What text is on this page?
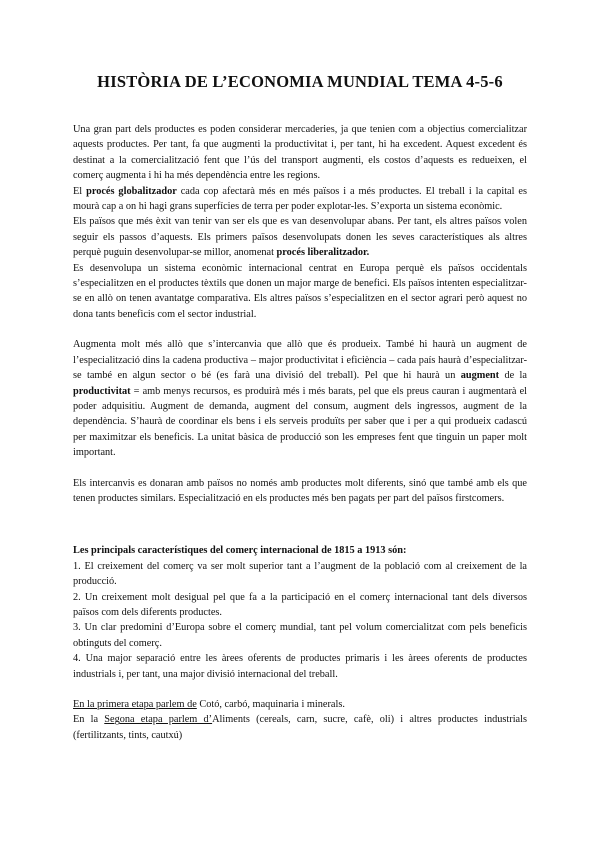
HISTÒRIA DE L’ECONOMIA MUNDIAL TEMA 4-5-6

Una gran part dels productes es poden considerar mercaderies, ja que tenien com a objectius comercialitzar aquests productes. Per tant, fa que augmenti la productivitat i, per tant, hi ha excedent. Aquest excedent és destinat a la comercialització fent que l’ús del transport augmenti, els costos d’aquests es redueixen, el comerç augmenta i hi ha més dependència entre les regions.

El procés globalitzador cada cop afectarà més en més països i a més productes. El treball i la capital es mourà cap a on hi hagi grans superfícies de terra per poder explotar-les. S’exporta un sistema econòmic.

Els països que més èxit van tenir van ser els que es van desenvolupar abans. Per tant, els altres països volen seguir els passos d’aquests. Els primers països desenvolupats donen les seves característiques als altres perquè puguin desenvolupar-se millor, anomenat procés liberalitzador.

Es desenvolupa un sistema econòmic internacional centrat en Europa perquè els països occidentals s’especialitzen en el productes tèxtils que donen un major marge de benefici. Els països intenten especialitzar-se en allò on tenen avantatge comparativa. Els altres països s’especialitzen en el sector agrari però aquest no dona tants beneficis com el sector industrial.

Augmenta molt més allò que s’intercanvia que allò que és produeix. També hi haurà un augment de l’especialització dins la cadena productiva – major productivitat i eficiència – cada país haurà d’especialitzar-se també en algun sector o bé (es farà una divisió del treball). Pel que hi haurà un augment de la productivitat = amb menys recursos, es produirà més i més barats, pel que els preus cauran i augmentarà el poder adquisitiu. Augment de demanda, augment del consum, augment dels ingressos, augment de la dependència. S’haurà de coordinar els bens i els serveis produïts per saber que i per a qui produeix cadascú per maximitzar els beneficis. La unitat bàsica de producció son les empreses fent que tinguin un paper molt important.

Els intercanvis es donaran amb països no només amb productes molt diferents, sinó que també amb els que tenen productes similars. Especialització en els productes més ben pagats per part del països firstcomers.

Les principals característiques del comerç internacional de 1815 a 1913 són:

1. El creixement del comerç va ser molt superior tant a l’augment de la població com al creixement de la producció.

2. Un creixement molt desigual pel que fa a la participació en el comerç internacional tant dels diversos països com dels diferents productes.

3. Un clar predomini d’Europa sobre el comerç mundial, tant pel volum comercialitzat com pels beneficis obtinguts del comerç.

4. Una major separació entre les àrees oferents de productes primaris i les àrees oferents de productes industrials i, per tant, una major divisió internacional del treball.

En la primera etapa parlem de Cotó, carbó, maquinaria i minerals.

En la Segona etapa parlem d’Aliments (cereals, carn, sucre, cafè, oli) i altres productes industrials (fertilitzants, tints, cautxú)
